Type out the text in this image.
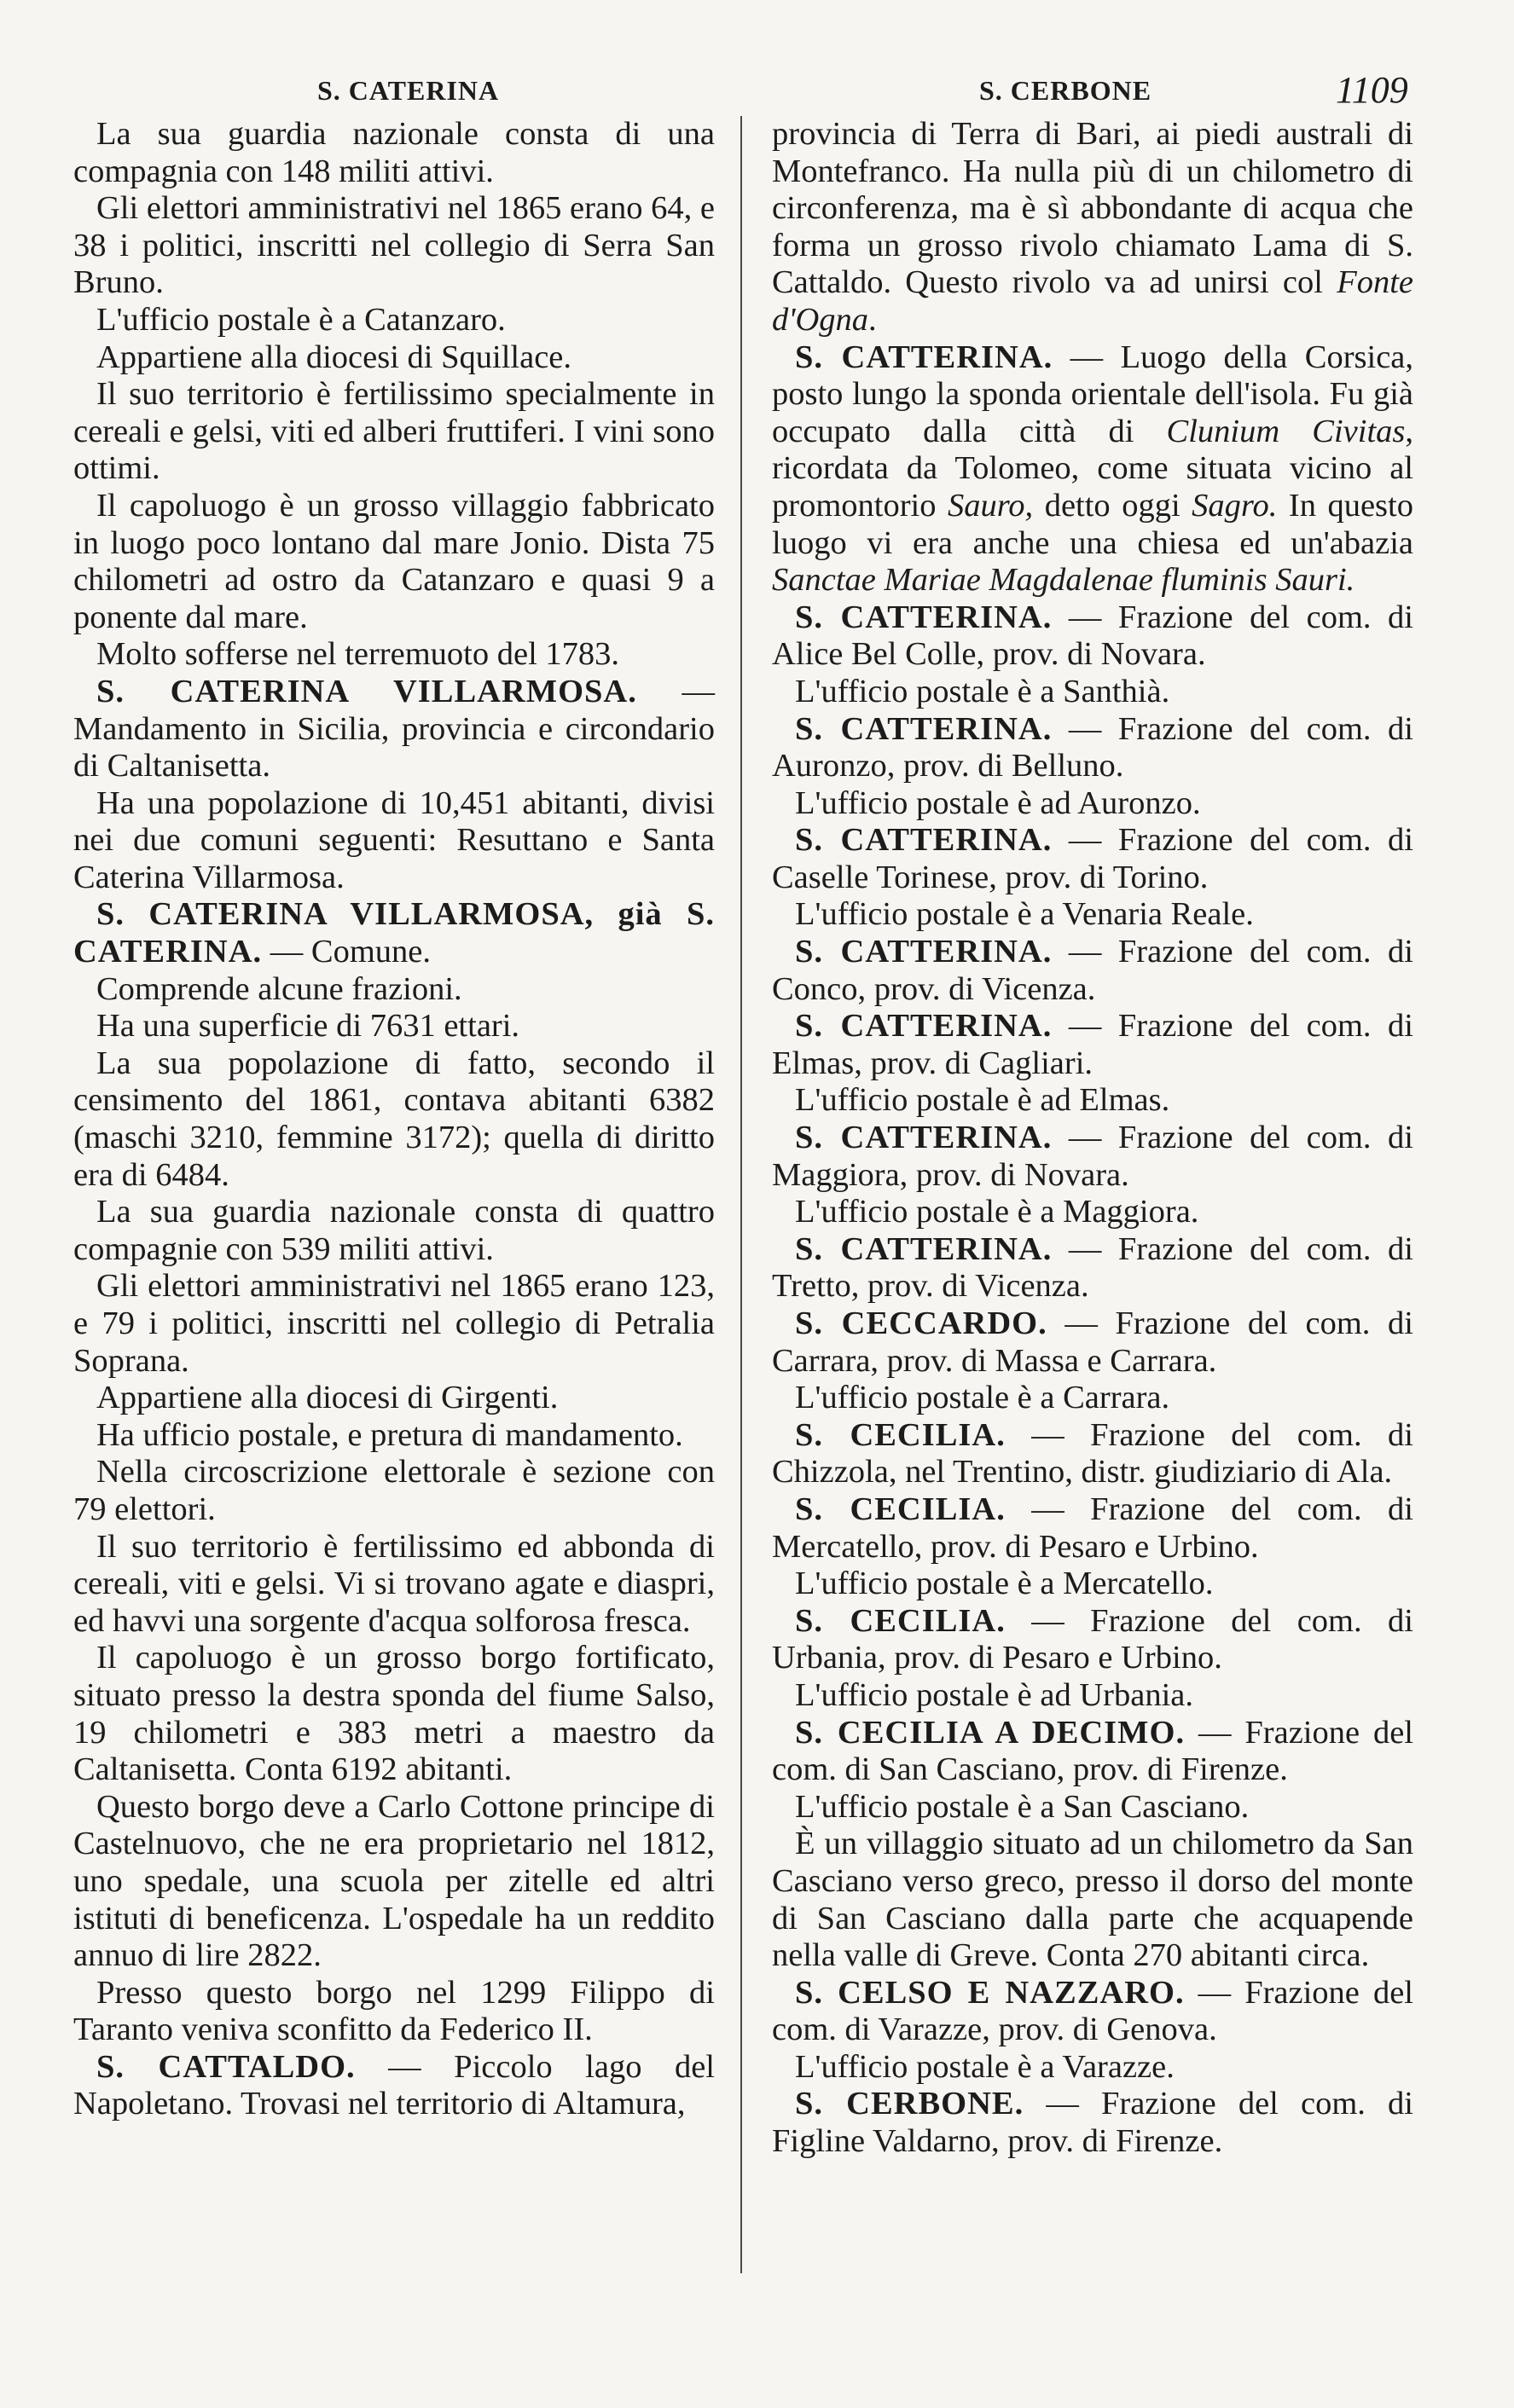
S. CATERINA	S. CERBONE	1109

La sua guardia nazionale consta di una compagnia con 148 militi attivi.

Gli elettori amministrativi nel 1865 erano 64, e 38 i politici, inscritti nel collegio di Serra San Bruno.

L'ufficio postale è a Catanzaro.

Appartiene alla diocesi di Squillace.

Il suo territorio è fertilissimo specialmente in cereali e gelsi, viti ed alberi fruttiferi. I vini sono ottimi.

Il capoluogo è un grosso villaggio fabbricato in luogo poco lontano dal mare Jonio. Dista 75 chilometri ad ostro da Catanzaro e quasi 9 a ponente dal mare.

Molto sofferse nel terremuoto del 1783.

S. CATERINA VILLARMOSA. — Mandamento in Sicilia, provincia e circondario di Caltanisetta.

Ha una popolazione di 10,451 abitanti, divisi nei due comuni seguenti: Resuttano e Santa Caterina Villarmosa.

S. CATERINA VILLARMOSA, già S. CATERINA. — Comune.

Comprende alcune frazioni.

Ha una superficie di 7631 ettari.

La sua popolazione di fatto, secondo il censimento del 1861, contava abitanti 6382 (maschi 3210, femmine 3172); quella di diritto era di 6484.

La sua guardia nazionale consta di quattro compagnie con 539 militi attivi.

Gli elettori amministrativi nel 1865 erano 123, e 79 i politici, inscritti nel collegio di Petralia Soprana.

Appartiene alla diocesi di Girgenti.

Ha ufficio postale, e pretura di mandamento.

Nella circoscrizione elettorale è sezione con 79 elettori.

Il suo territorio è fertilissimo ed abbonda di cereali, viti e gelsi. Vi si trovano agate e diaspri, ed havvi una sorgente d'acqua solforosa fresca.

Il capoluogo è un grosso borgo fortificato, situato presso la destra sponda del fiume Salso, 19 chilometri e 383 metri a maestro da Caltanisetta. Conta 6192 abitanti.

Questo borgo deve a Carlo Cottone principe di Castelnuovo, che ne era proprietario nel 1812, uno spedale, una scuola per zitelle ed altri istituti di beneficenza. L'ospedale ha un reddito annuo di lire 2822.

Presso questo borgo nel 1299 Filippo di Taranto veniva sconfitto da Federico II.

S. CATTALDO. — Piccolo lago del Napoletano. Trovasi nel territorio di Altamura,

provincia di Terra di Bari, ai piedi australi di Montefranco. Ha nulla più di un chilometro di circonferenza, ma è sì abbondante di acqua che forma un grosso rivolo chiamato Lama di S. Cattaldo. Questo rivolo va ad unirsi col Fonte d'Ogna.

S. CATTERINA. — Luogo della Corsica, posto lungo la sponda orientale dell'isola. Fu già occupato dalla città di Clunium Civitas, ricordata da Tolomeo, come situata vicino al promontorio Sauro, detto oggi Sagro. In questo luogo vi era anche una chiesa ed un'abazia Sanctae Mariae Magdalenae fluminis Sauri.

S. CATTERINA. — Frazione del com. di Alice Bel Colle, prov. di Novara.

L'ufficio postale è a Santhià.

S. CATTERINA. — Frazione del com. di Auronzo, prov. di Belluno.

L'ufficio postale è ad Auronzo.

S. CATTERINA. — Frazione del com. di Caselle Torinese, prov. di Torino.

L'ufficio postale è a Venaria Reale.

S. CATTERINA. — Frazione del com. di Conco, prov. di Vicenza.

S. CATTERINA. — Frazione del com. di Elmas, prov. di Cagliari.

L'ufficio postale è ad Elmas.

S. CATTERINA. — Frazione del com. di Maggiora, prov. di Novara.

L'ufficio postale è a Maggiora.

S. CATTERINA. — Frazione del com. di Tretto, prov. di Vicenza.

S. CECCARDO. — Frazione del com. di Carrara, prov. di Massa e Carrara.

L'ufficio postale è a Carrara.

S. CECILIA. — Frazione del com. di Chizzola, nel Trentino, distr. giudiziario di Ala.

S. CECILIA. — Frazione del com. di Mercatello, prov. di Pesaro e Urbino.

L'ufficio postale è a Mercatello.

S. CECILIA. — Frazione del com. di Urbania, prov. di Pesaro e Urbino.

L'ufficio postale è ad Urbania.

S. CECILIA A DECIMO. — Frazione del com. di San Casciano, prov. di Firenze.

L'ufficio postale è a San Casciano.

È un villaggio situato ad un chilometro da San Casciano verso greco, presso il dorso del monte di San Casciano dalla parte che acquapende nella valle di Greve. Conta 270 abitanti circa.

S. CELSO E NAZZARO. — Frazione del com. di Varazze, prov. di Genova.

L'ufficio postale è a Varazze.

S. CERBONE. — Frazione del com. di Figline Valdarno, prov. di Firenze.
